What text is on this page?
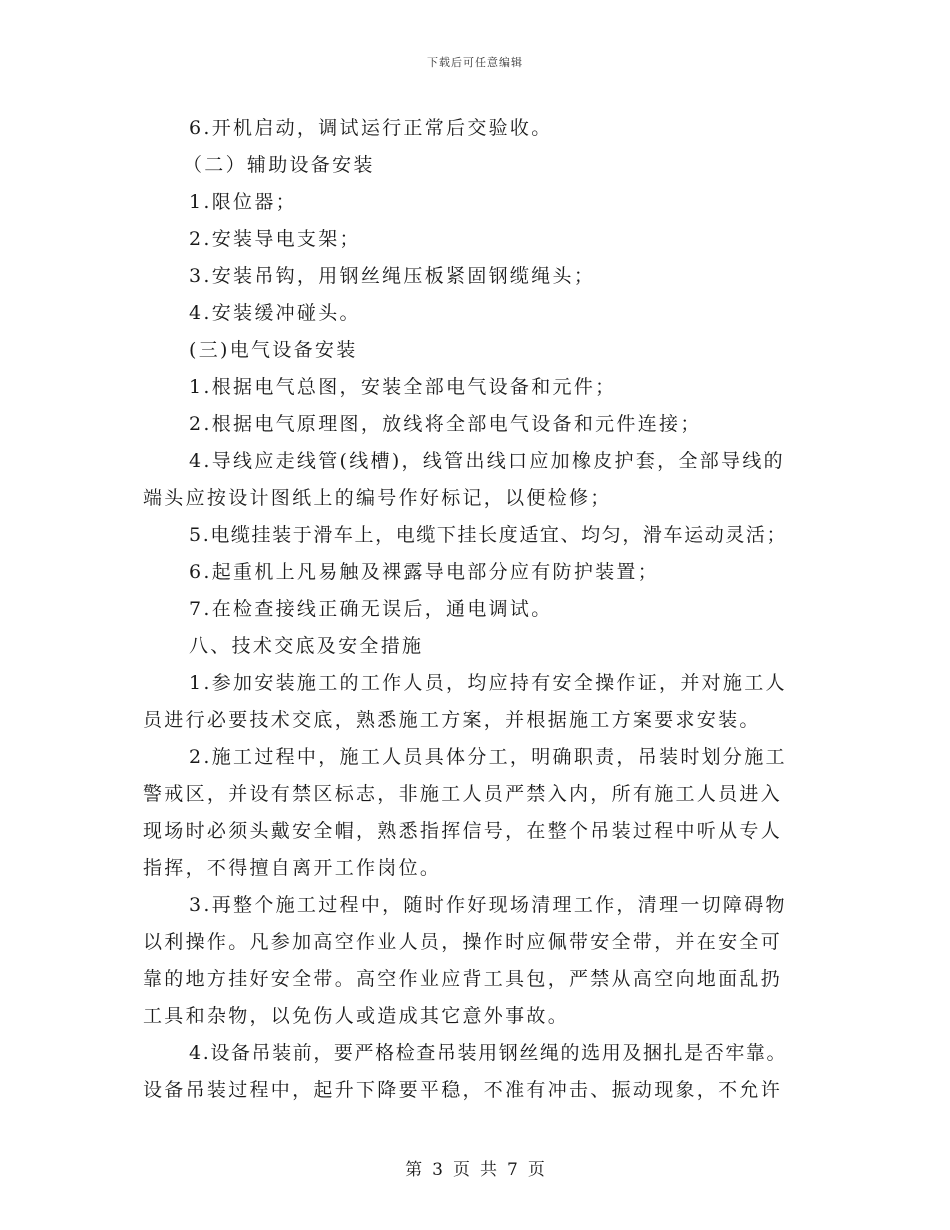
下载后可任意编辑
6.开机启动，调试运行正常后交验收。
（二）辅助设备安装
1.限位器；
2.安装导电支架；
3.安装吊钩，用钢丝绳压板紧固钢缆绳头；
4.安装缓冲碰头。
(三)电气设备安装
1.根据电气总图，安装全部电气设备和元件；
2.根据电气原理图，放线将全部电气设备和元件连接；
4.导线应走线管(线槽)，线管出线口应加橡皮护套，全部导线的
端头应按设计图纸上的编号作好标记，以便检修；
5.电缆挂装于滑车上，电缆下挂长度适宜、均匀，滑车运动灵活；
6.起重机上凡易触及裸露导电部分应有防护装置；
7.在检查接线正确无误后，通电调试。
八、技术交底及安全措施
1.参加安装施工的工作人员，均应持有安全操作证，并对施工人
员进行必要技术交底，熟悉施工方案，并根据施工方案要求安装。
2.施工过程中，施工人员具体分工，明确职责，吊装时划分施工
警戒区，并设有禁区标志，非施工人员严禁入内，所有施工人员进入
现场时必须头戴安全帽，熟悉指挥信号，在整个吊装过程中听从专人
指挥，不得擅自离开工作岗位。
3.再整个施工过程中，随时作好现场清理工作，清理一切障碍物
以利操作。凡参加高空作业人员，操作时应佩带安全带，并在安全可
靠的地方挂好安全带。高空作业应背工具包，严禁从高空向地面乱扔
工具和杂物，以免伤人或造成其它意外事故。
4.设备吊装前，要严格检查吊装用钢丝绳的选用及捆扎是否牢靠。
设备吊装过程中，起升下降要平稳，不准有冲击、振动现象，不允许
第 3 页 共 7 页
